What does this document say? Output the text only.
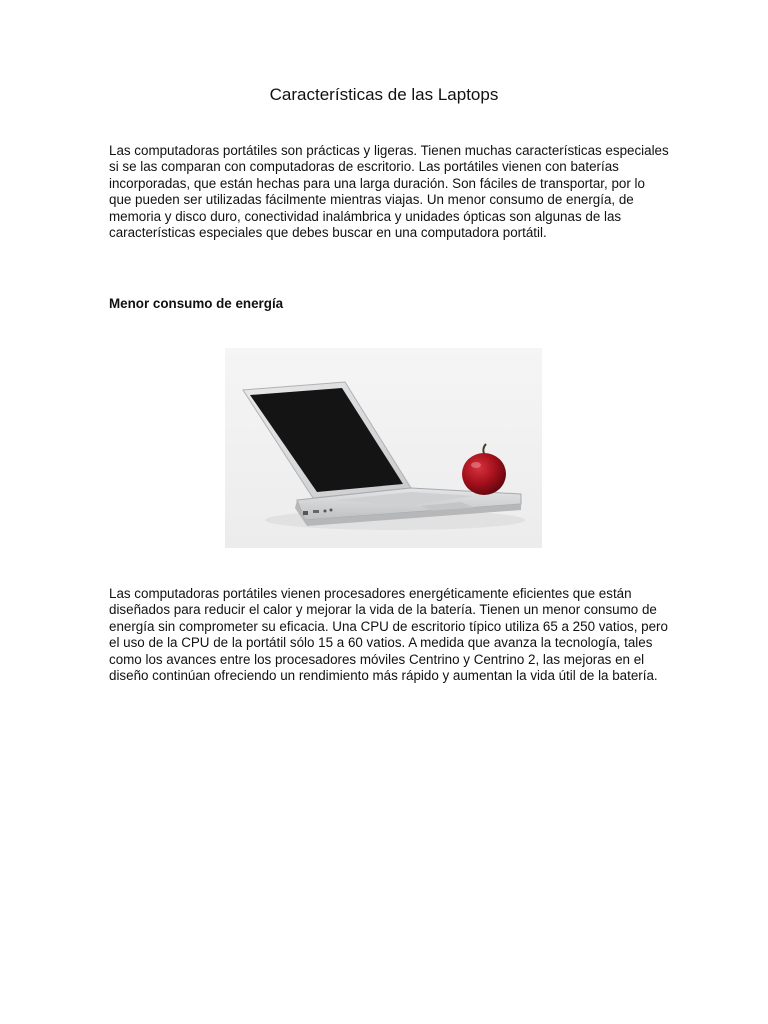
Características de las Laptops

Las computadoras portátiles son prácticas y ligeras. Tienen muchas características especiales si se las comparan con computadoras de escritorio. Las portátiles vienen con baterías incorporadas, que están hechas para una larga duración. Son fáciles de transportar, por lo que pueden ser utilizadas fácilmente mientras viajas. Un menor consumo de energía, de memoria y disco duro, conectividad inalámbrica y unidades ópticas son algunas de las características especiales que debes buscar en una computadora portátil.

Menor consumo de energía

Las computadoras portátiles vienen procesadores energéticamente eficientes que están diseñados para reducir el calor y mejorar la vida de la batería. Tienen un menor consumo de energía sin comprometer su eficacia. Una CPU de escritorio típico utiliza 65 a 250 vatios, pero el uso de la CPU de la portátil sólo 15 a 60 vatios. A medida que avanza la tecnología, tales como los avances entre los procesadores móviles Centrino y Centrino 2, las mejoras en el diseño continúan ofreciendo un rendimiento más rápido y aumentan la vida útil de la batería.
